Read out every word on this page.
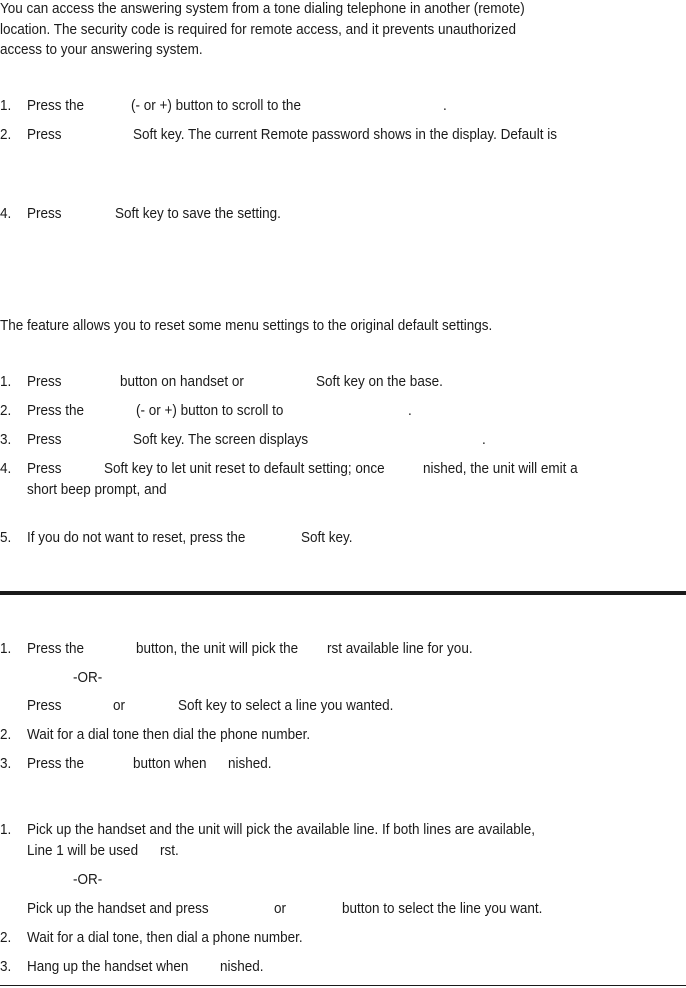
You can access the answering system from a tone dialing telephone in another (remote)
location. The security code is required for remote access, and it prevents unauthorized
access to your answering system.
1. Press the	(- or +) button to scroll to the	.
2. Press	Soft key. The current Remote password shows in the display. Default is
4. Press	Soft key to save the setting.
The feature allows you to reset some menu settings to the original default settings.
1. Press	button on handset or	Soft key on the base.
2. Press the	(- or +) button to scroll to	.
3. Press	Soft key. The screen displays	.
4. Press	Soft key to let unit reset to default setting; once	nished, the unit will emit a
short beep prompt, and
5. If you do not want to reset, press the	Soft key.
1. Press the	button, the unit will pick the rst available line for you.
-OR-
Press	or	Soft key to select a line you wanted.
2. Wait for a dial tone then dial the phone number.
3. Press the	button when nished.
1. Pick up the handset and the unit will pick the available line. If both lines are available,
Line 1 will be used rst.
-OR-
Pick up the handset and press	or	button to select the line you want.
2. Wait for a dial tone, then dial a phone number.
3. Hang up the handset when nished.
